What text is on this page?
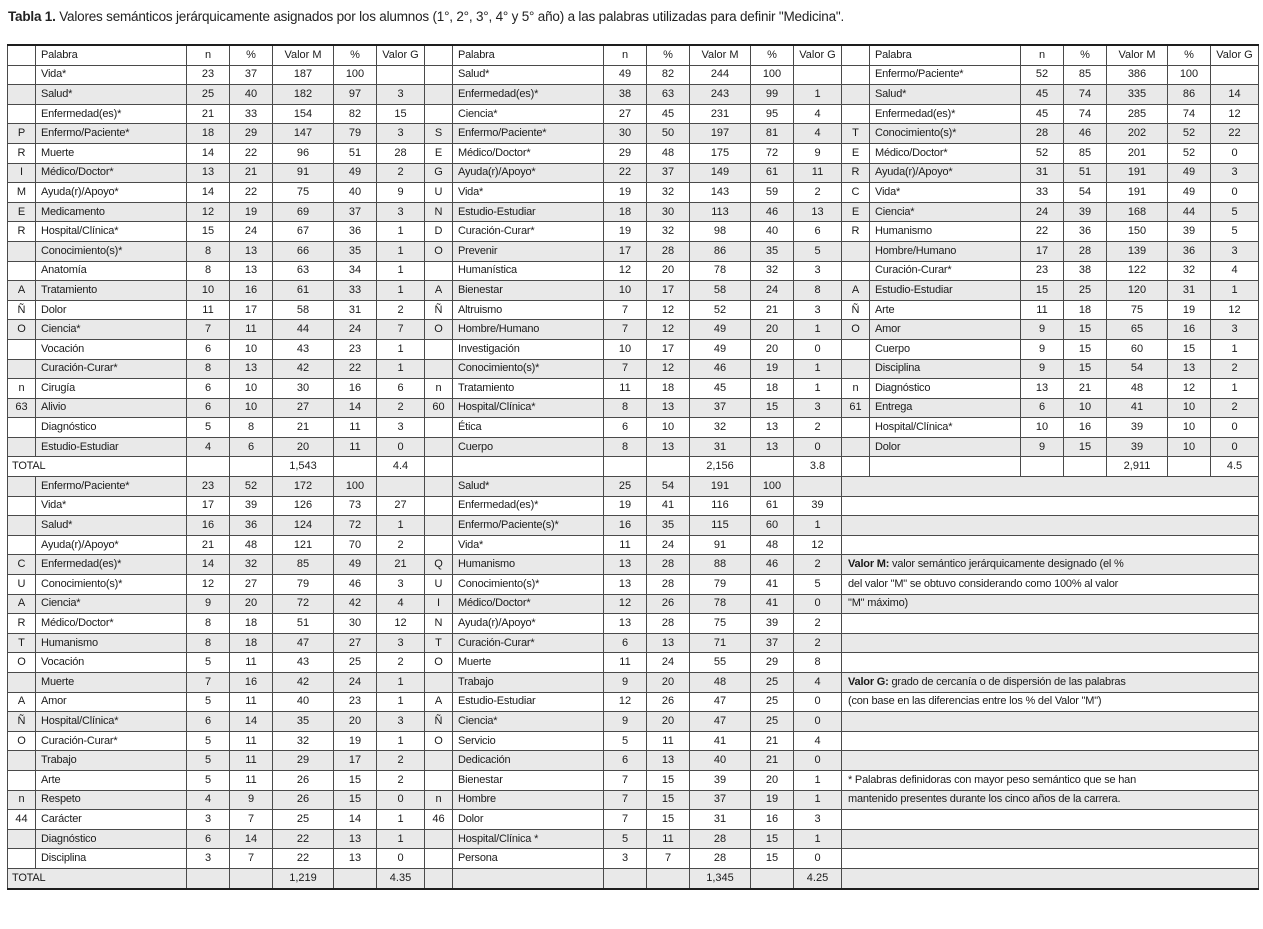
Tabla 1. Valores semánticos jerárquicamente asignados por los alumnos (1°, 2°, 3°, 4° y 5° año) a las palabras utilizadas para definir "Medicina".
	Palabra	n	%	Valor M	%	Valor G		Palabra	n	%	Valor M	%	Valor G		Palabra	n	%	Valor M	%	Valor G
	Vida*	23	37	187	100			Salud*	49	82	244	100			Enfermo/Paciente*	52	85	386	100	
	Salud*	25	40	182	97	3		Enfermedad(es)*	38	63	243	99	1		Salud*	45	74	335	86	14
	Enfermedad(es)*	21	33	154	82	15		Ciencia*	27	45	231	95	4		Enfermedad(es)*	45	74	285	74	12
P	Enfermo/Paciente*	18	29	147	79	3	S	Enfermo/Paciente*	30	50	197	81	4	T	Conocimiento(s)*	28	46	202	52	22
R	Muerte	14	22	96	51	28	E	Médico/Doctor*	29	48	175	72	9	E	Médico/Doctor*	52	85	201	52	0
I	Médico/Doctor*	13	21	91	49	2	G	Ayuda(r)/Apoyo*	22	37	149	61	11	R	Ayuda(r)/Apoyo*	31	51	191	49	3
M	Ayuda(r)/Apoyo*	14	22	75	40	9	U	Vida*	19	32	143	59	2	C	Vida*	33	54	191	49	0
E	Medicamento	12	19	69	37	3	N	Estudio-Estudiar	18	30	113	46	13	E	Ciencia*	24	39	168	44	5
R	Hospital/Clínica*	15	24	67	36	1	D	Curación-Curar*	19	32	98	40	6	R	Humanismo	22	36	150	39	5
	Conocimiento(s)*	8	13	66	35	1	O	Prevenir	17	28	86	35	5		Hombre/Humano	17	28	139	36	3
	Anatomía	8	13	63	34	1		Humanística	12	20	78	32	3		Curación-Curar*	23	38	122	32	4
A	Tratamiento	10	16	61	33	1	A	Bienestar	10	17	58	24	8	A	Estudio-Estudiar	15	25	120	31	1
Ñ	Dolor	11	17	58	31	2	Ñ	Altruismo	7	12	52	21	3	Ñ	Arte	11	18	75	19	12
O	Ciencia*	7	11	44	24	7	O	Hombre/Humano	7	12	49	20	1	O	Amor	9	15	65	16	3
	Vocación	6	10	43	23	1		Investigación	10	17	49	20	0		Cuerpo	9	15	60	15	1
	Curación-Curar*	8	13	42	22	1		Conocimiento(s)*	7	12	46	19	1		Disciplina	9	15	54	13	2
n	Cirugía	6	10	30	16	6	n	Tratamiento	11	18	45	18	1	n	Diagnóstico	13	21	48	12	1
63	Alivio	6	10	27	14	2	60	Hospital/Clínica*	8	13	37	15	3	61	Entrega	6	10	41	10	2
	Diagnóstico	5	8	21	11	3		Ética	6	10	32	13	2		Hospital/Clínica*	10	16	39	10	0
	Estudio-Estudiar	4	6	20	11	0		Cuerpo	8	13	31	13	0		Dolor	9	15	39	10	0
TOTAL				1,543		4.4					2,156		3.8					2,911		4.5
	Enfermo/Paciente*	23	52	172	100			Salud*	25	54	191	100								
	Vida*	17	39	126	73	27		Enfermedad(es)*	19	41	116	61	39							
	Salud*	16	36	124	72	1		Enfermo/Paciente(s)*	16	35	115	60	1							
	Ayuda(r)/Apoyo*	21	48	121	70	2		Vida*	11	24	91	48	12							
C	Enfermedad(es)*	14	32	85	49	21	Q	Humanismo	13	28	88	46	2	Valor M: valor semántico jerárquicamente designado (el %						
U	Conocimiento(s)*	12	27	79	46	3	U	Conocimiento(s)*	13	28	79	41	5	del valor "M" se obtuvo considerando como 100% al valor						
A	Ciencia*	9	20	72	42	4	I	Médico/Doctor*	12	26	78	41	0	"M" máximo)						
R	Médico/Doctor*	8	18	51	30	12	N	Ayuda(r)/Apoyo*	13	28	75	39	2							
T	Humanismo	8	18	47	27	3	T	Curación-Curar*	6	13	71	37	2							
O	Vocación	5	11	43	25	2	O	Muerte	11	24	55	29	8							
	Muerte	7	16	42	24	1		Trabajo	9	20	48	25	4	Valor G: grado de cercanía o de dispersión de las palabras						
A	Amor	5	11	40	23	1	A	Estudio-Estudiar	12	26	47	25	0	(con base en las diferencias entre los % del Valor "M")						
Ñ	Hospital/Clínica*	6	14	35	20	3	Ñ	Ciencia*	9	20	47	25	0							
O	Curación-Curar*	5	11	32	19	1	O	Servicio	5	11	41	21	4							
	Trabajo	5	11	29	17	2		Dedicación	6	13	40	21	0							
	Arte	5	11	26	15	2		Bienestar	7	15	39	20	1	* Palabras definidoras con mayor peso semántico que se han						
n	Respeto	4	9	26	15	0	n	Hombre	7	15	37	19	1	mantenido presentes durante los cinco años de la carrera.						
44	Carácter	3	7	25	14	1	46	Dolor	7	15	31	16	3							
	Diagnóstico	6	14	22	13	1		Hospital/Clínica *	5	11	28	15	1							
	Disciplina	3	7	22	13	0		Persona	3	7	28	15	0							
TOTAL				1,219		4.35					1,345		4.25							
